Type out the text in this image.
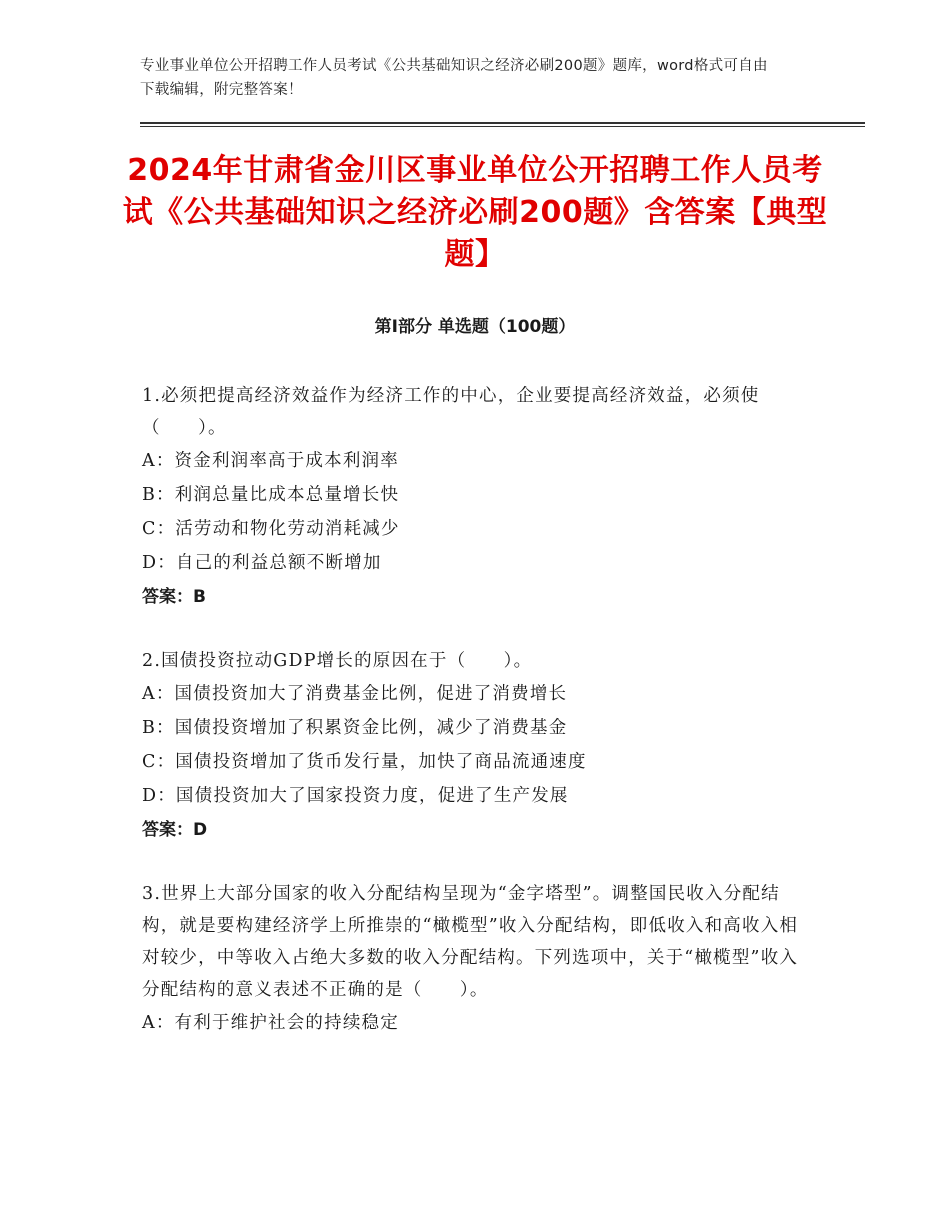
专业事业单位公开招聘工作人员考试《公共基础知识之经济必刷200题》题库，word格式可自由下载编辑，附完整答案！
2024年甘肃省金川区事业单位公开招聘工作人员考试《公共基础知识之经济必刷200题》含答案【典型题】
第Ⅰ部分 单选题（100题）
1.必须把提高经济效益作为经济工作的中心，企业要提高经济效益，必须使（　　）。
A：资金利润率高于成本利润率
B：利润总量比成本总量增长快
C：活劳动和物化劳动消耗减少
D：自己的利益总额不断增加
答案：B
2.国债投资拉动GDP增长的原因在于（　　）。
A：国债投资加大了消费基金比例，促进了消费增长
B：国债投资增加了积累资金比例，减少了消费基金
C：国债投资增加了货币发行量，加快了商品流通速度
D：国债投资加大了国家投资力度，促进了生产发展
答案：D
3.世界上大部分国家的收入分配结构呈现为“金字塔型”。调整国民收入分配结构，就是要构建经济学上所推崇的“橄榄型”收入分配结构，即低收入和高收入相对较少，中等收入占绝大多数的收入分配结构。下列选项中，关于“橄榄型”收入分配结构的意义表述不正确的是（　　）。
A：有利于维护社会的持续稳定
